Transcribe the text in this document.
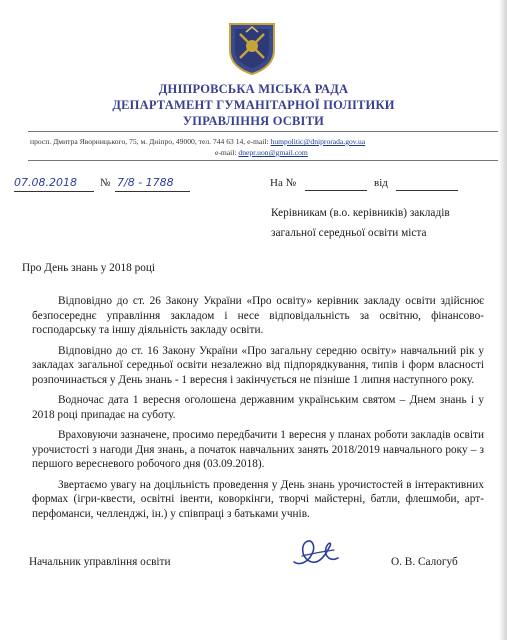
ДНІПРОВСЬКА МІСЬКА РАДА
ДЕПАРТАМЕНТ ГУМАНІТАРНОЇ ПОЛІТИКИ
УПРАВЛІННЯ ОСВІТИ
просп. Дмитра Яворницького, 75, м. Дніпро, 49000, тел. 744 63 14, e-mail: humpolitic@dniprorada.gov.ua
e-mail: dnepr.uon@gmail.com
07.08.2018 № 7/8 - 1788	На №	від
Керівникам (в.о. керівників) закладів загальної середньої освіти міста
Про День знань у 2018 році

Відповідно до ст. 26 Закону України «Про освіту» керівник закладу освіти здійснює безпосереднє управління закладом і несе відповідальність за освітню, фінансово-господарську та іншу діяльність закладу освіти.

Відповідно до ст. 16 Закону України «Про загальну середню освіту» навчальний рік у закладах загальної середньої освіти незалежно від підпорядкування, типів і форм власності розпочинається у День знань - 1 вересня і закінчується не пізніше 1 липня наступного року.

Водночас дата 1 вересня оголошена державним українським святом – Днем знань і у 2018 році припадає на суботу.

Враховуючи зазначене, просимо передбачити 1 вересня у планах роботи закладів освіти урочистості з нагоди Дня знань, а початок навчальних занять 2018/2019 навчального року – з першого вересневого робочого дня (03.09.2018).

Звертаємо увагу на доцільність проведення у День знань урочистостей в інтерактивних формах (ігри-квести, освітні івенти, коворкінги, творчі майстерні, батли, флешмоби, арт-перфоманси, челленджі, ін.) у співпраці з батьками учнів.

Начальник управління освіти	О. В. Салогуб
